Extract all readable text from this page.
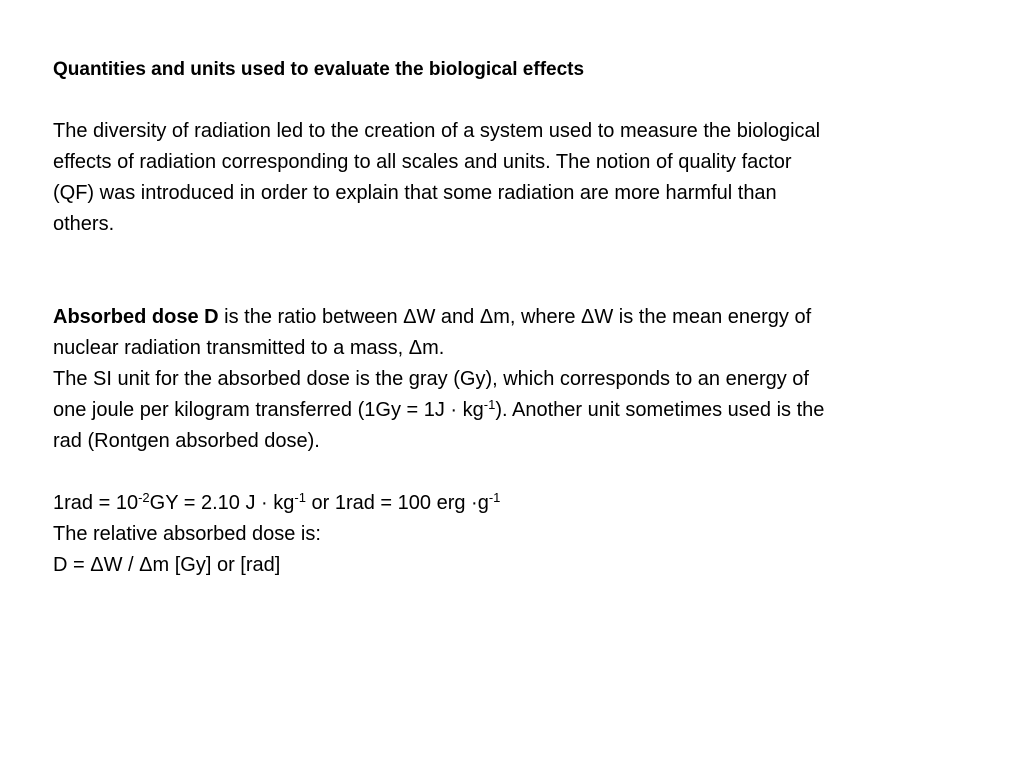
Quantities and units used to evaluate the biological effects
The diversity of radiation led to the creation of a system used to measure the biological
effects of radiation corresponding to all scales and units. The notion of quality factor
(QF) was introduced in order to explain that some radiation are more harmful than
others.
Absorbed dose D is the ratio between ΔW and Δm, where ΔW is the mean energy of
nuclear radiation transmitted to a mass, Δm.
The SI unit for the absorbed dose is the gray (Gy), which corresponds to an energy of
one joule per kilogram transferred $(1Gy = 1J \cdot kg^{-1})$. Another unit sometimes used is the
rad (Rontgen absorbed dose).
$1rad = 10^{-2}GY = 2.10$ $J \cdot kg^{-1}$ or 1rad = 100 erg $\cdot g^{-1}$
The relative absorbed dose is:
D = ΔW / Δm [Gy] or [rad]
